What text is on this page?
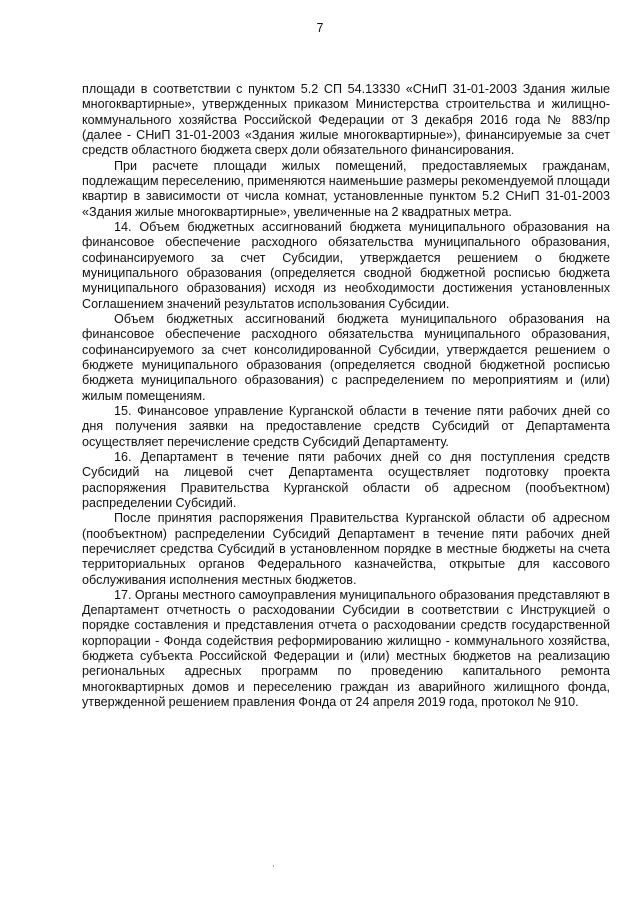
7

площади в соответствии с пунктом 5.2 СП 54.13330 «СНиП 31-01-2003 Здания жилые многоквартирные», утвержденных приказом Министерства строительства и жилищно-коммунального хозяйства Российской Федерации от 3 декабря 2016 года № 883/пр (далее - СНиП 31-01-2003 «Здания жилые многоквартирные»), финансируемые за счет средств областного бюджета сверх доли обязательного финансирования.

При расчете площади жилых помещений, предоставляемых гражданам, подлежащим переселению, применяются наименьшие размеры рекомендуемой площади квартир в зависимости от числа комнат, установленные пунктом 5.2 СНиП 31-01-2003 «Здания жилые многоквартирные», увеличенные на 2 квадратных метра.

14. Объем бюджетных ассигнований бюджета муниципального образования на финансовое обеспечение расходного обязательства муниципального образования, софинансируемого за счет Субсидии, утверждается решением о бюджете муниципального образования (определяется сводной бюджетной росписью бюджета муниципального образования) исходя из необходимости достижения установленных Соглашением значений результатов использования Субсидии.

Объем бюджетных ассигнований бюджета муниципального образования на финансовое обеспечение расходного обязательства муниципального образования, софинансируемого за счет консолидированной Субсидии, утверждается решением о бюджете муниципального образования (определяется сводной бюджетной росписью бюджета муниципального образования) с распределением по мероприятиям и (или) жилым помещениям.

15. Финансовое управление Курганской области в течение пяти рабочих дней со дня получения заявки на предоставление средств Субсидий от Департамента осуществляет перечисление средств Субсидий Департаменту.

16. Департамент в течение пяти рабочих дней со дня поступления средств Субсидий на лицевой счет Департамента осуществляет подготовку проекта распоряжения Правительства Курганской области об адресном (пообъектном) распределении Субсидий.

После принятия распоряжения Правительства Курганской области об адресном (пообъектном) распределении Субсидий Департамент в течение пяти рабочих дней перечисляет средства Субсидий в установленном порядке в местные бюджеты на счета территориальных органов Федерального казначейства, открытые для кассового обслуживания исполнения местных бюджетов.

17. Органы местного самоуправления муниципального образования представляют в Департамент отчетность о расходовании Субсидии в соответствии с Инструкцией о порядке составления и представления отчета о расходовании средств государственной корпорации - Фонда содействия реформированию жилищно - коммунального хозяйства, бюджета субъекта Российской Федерации и (или) местных бюджетов на реализацию региональных адресных программ по проведению капитального ремонта многоквартирных домов и переселению граждан из аварийного жилищного фонда, утвержденной решением правления Фонда от 24 апреля 2019 года, протокол № 910.

,
